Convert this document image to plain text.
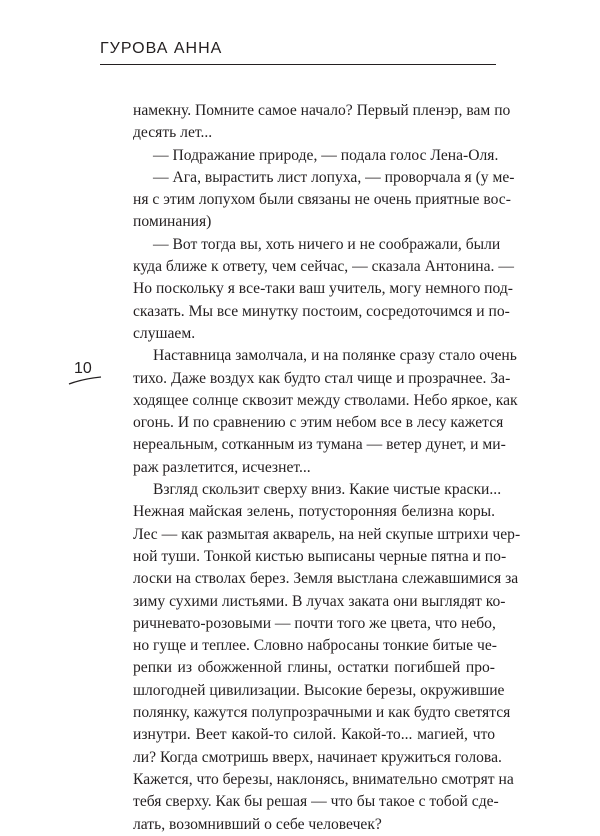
ГУРОВА АННА
10
намекну. Помните самое начало? Первый пленэр, вам по
десять лет...
— Подражание природе, — подала голос Лена-Оля.
— Ага, вырастить лист лопуха, — проворчала я (у ме-
ня с этим лопухом были связаны не очень приятные вос-
поминания)
— Вот тогда вы, хоть ничего и не соображали, были
куда ближе к ответу, чем сейчас, — сказала Антонина. —
Но поскольку я все-таки ваш учитель, могу немного под-
сказать. Мы все минутку постоим, сосредоточимся и по-
слушаем.
Наставница замолчала, и на полянке сразу стало очень
тихо. Даже воздух как будто стал чище и прозрачнее. За-
ходящее солнце сквозит между стволами. Небо яркое, как
огонь. И по сравнению с этим небом все в лесу кажется
нереальным, сотканным из тумана — ветер дунет, и ми-
раж разлетится, исчезнет...
Взгляд скользит сверху вниз. Какие чистые краски...
Нежная майская зелень, потусторонняя белизна коры.
Лес — как размытая акварель, на ней скупые штрихи чер-
ной туши. Тонкой кистью выписаны черные пятна и по-
лоски на стволах берез. Земля выстлана слежавшимися за
зиму сухими листьями. В лучах заката они выглядят ко-
ричневато-розовыми — почти того же цвета, что небо,
но гуще и теплее. Словно набросаны тонкие битые че-
репки из обожженной глины, остатки погибшей про-
шлогодней цивилизации. Высокие березы, окружившие
полянку, кажутся полупрозрачными и как будто светятся
изнутри. Веет какой-то силой. Какой-то... магией, что
ли? Когда смотришь вверх, начинает кружиться голова.
Кажется, что березы, наклонясь, внимательно смотрят на
тебя сверху. Как бы решая — что бы такое с тобой сдe-
лать, возомнивший о себе человечек?
